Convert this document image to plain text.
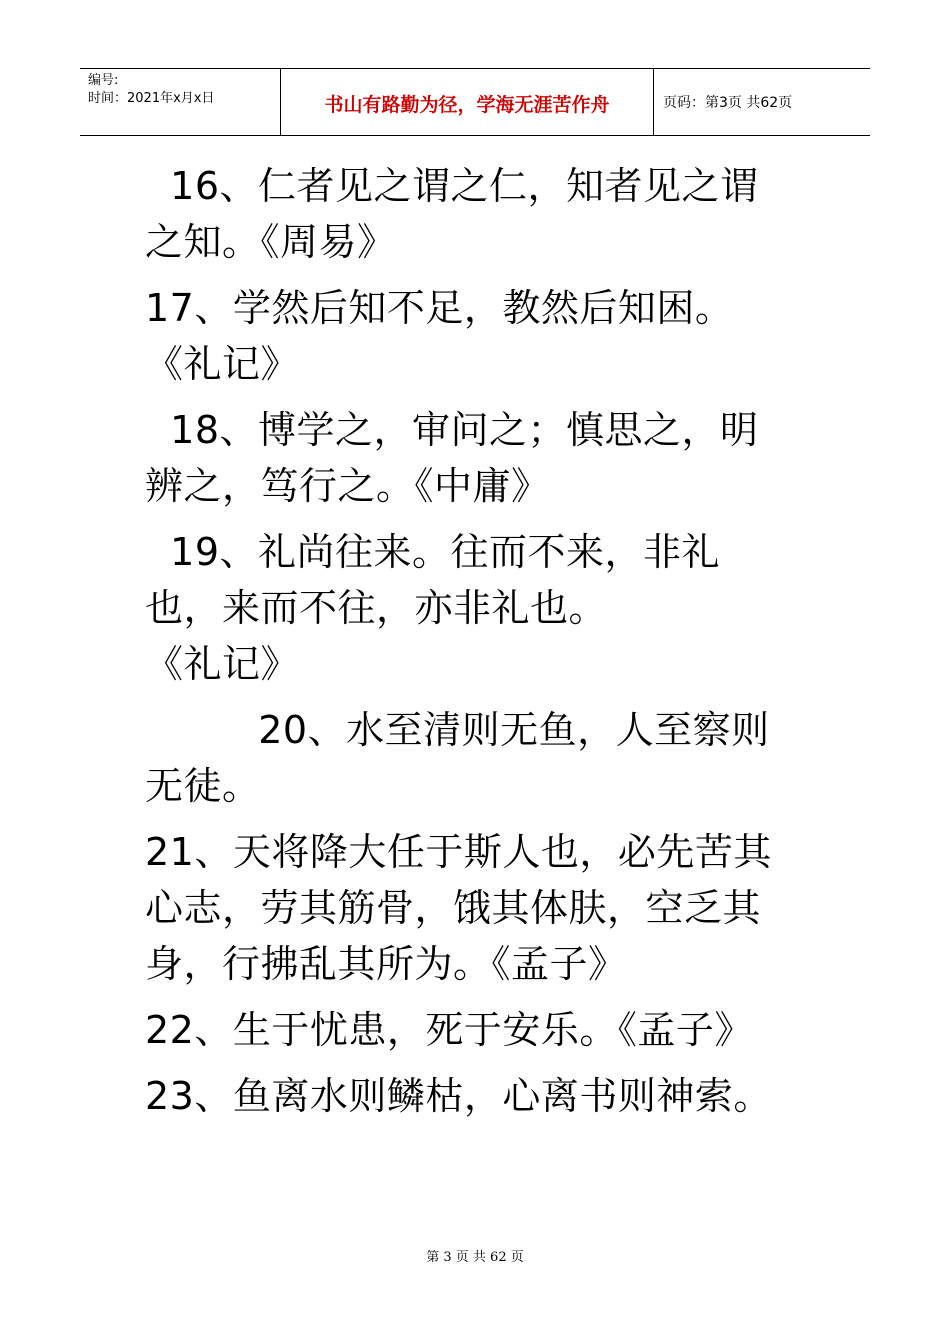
编号:
时间：2021年x月x日	书山有路勤为径，学海无涯苦作舟	页码：第3页 共62页
16、仁者见之谓之仁，知者见之谓之知。《周易》
17、学然后知不足，教然后知困。《礼记》
18、博学之，审问之；慎思之，明辨之，笃行之。《中庸》
19、礼尚往来。往而不来，非礼也，来而不往，亦非礼也。
《礼记》
20、水至清则无鱼，人至察则无徒。
21、天将降大任于斯人也，必先苦其心志，劳其筋骨，饿其体肤，空乏其身，行拂乱其所为。《孟子》
22、生于忧患，死于安乐。《孟子》
23、鱼离水则鳞枯，心离书则神索。
第 3 页 共 62 页
